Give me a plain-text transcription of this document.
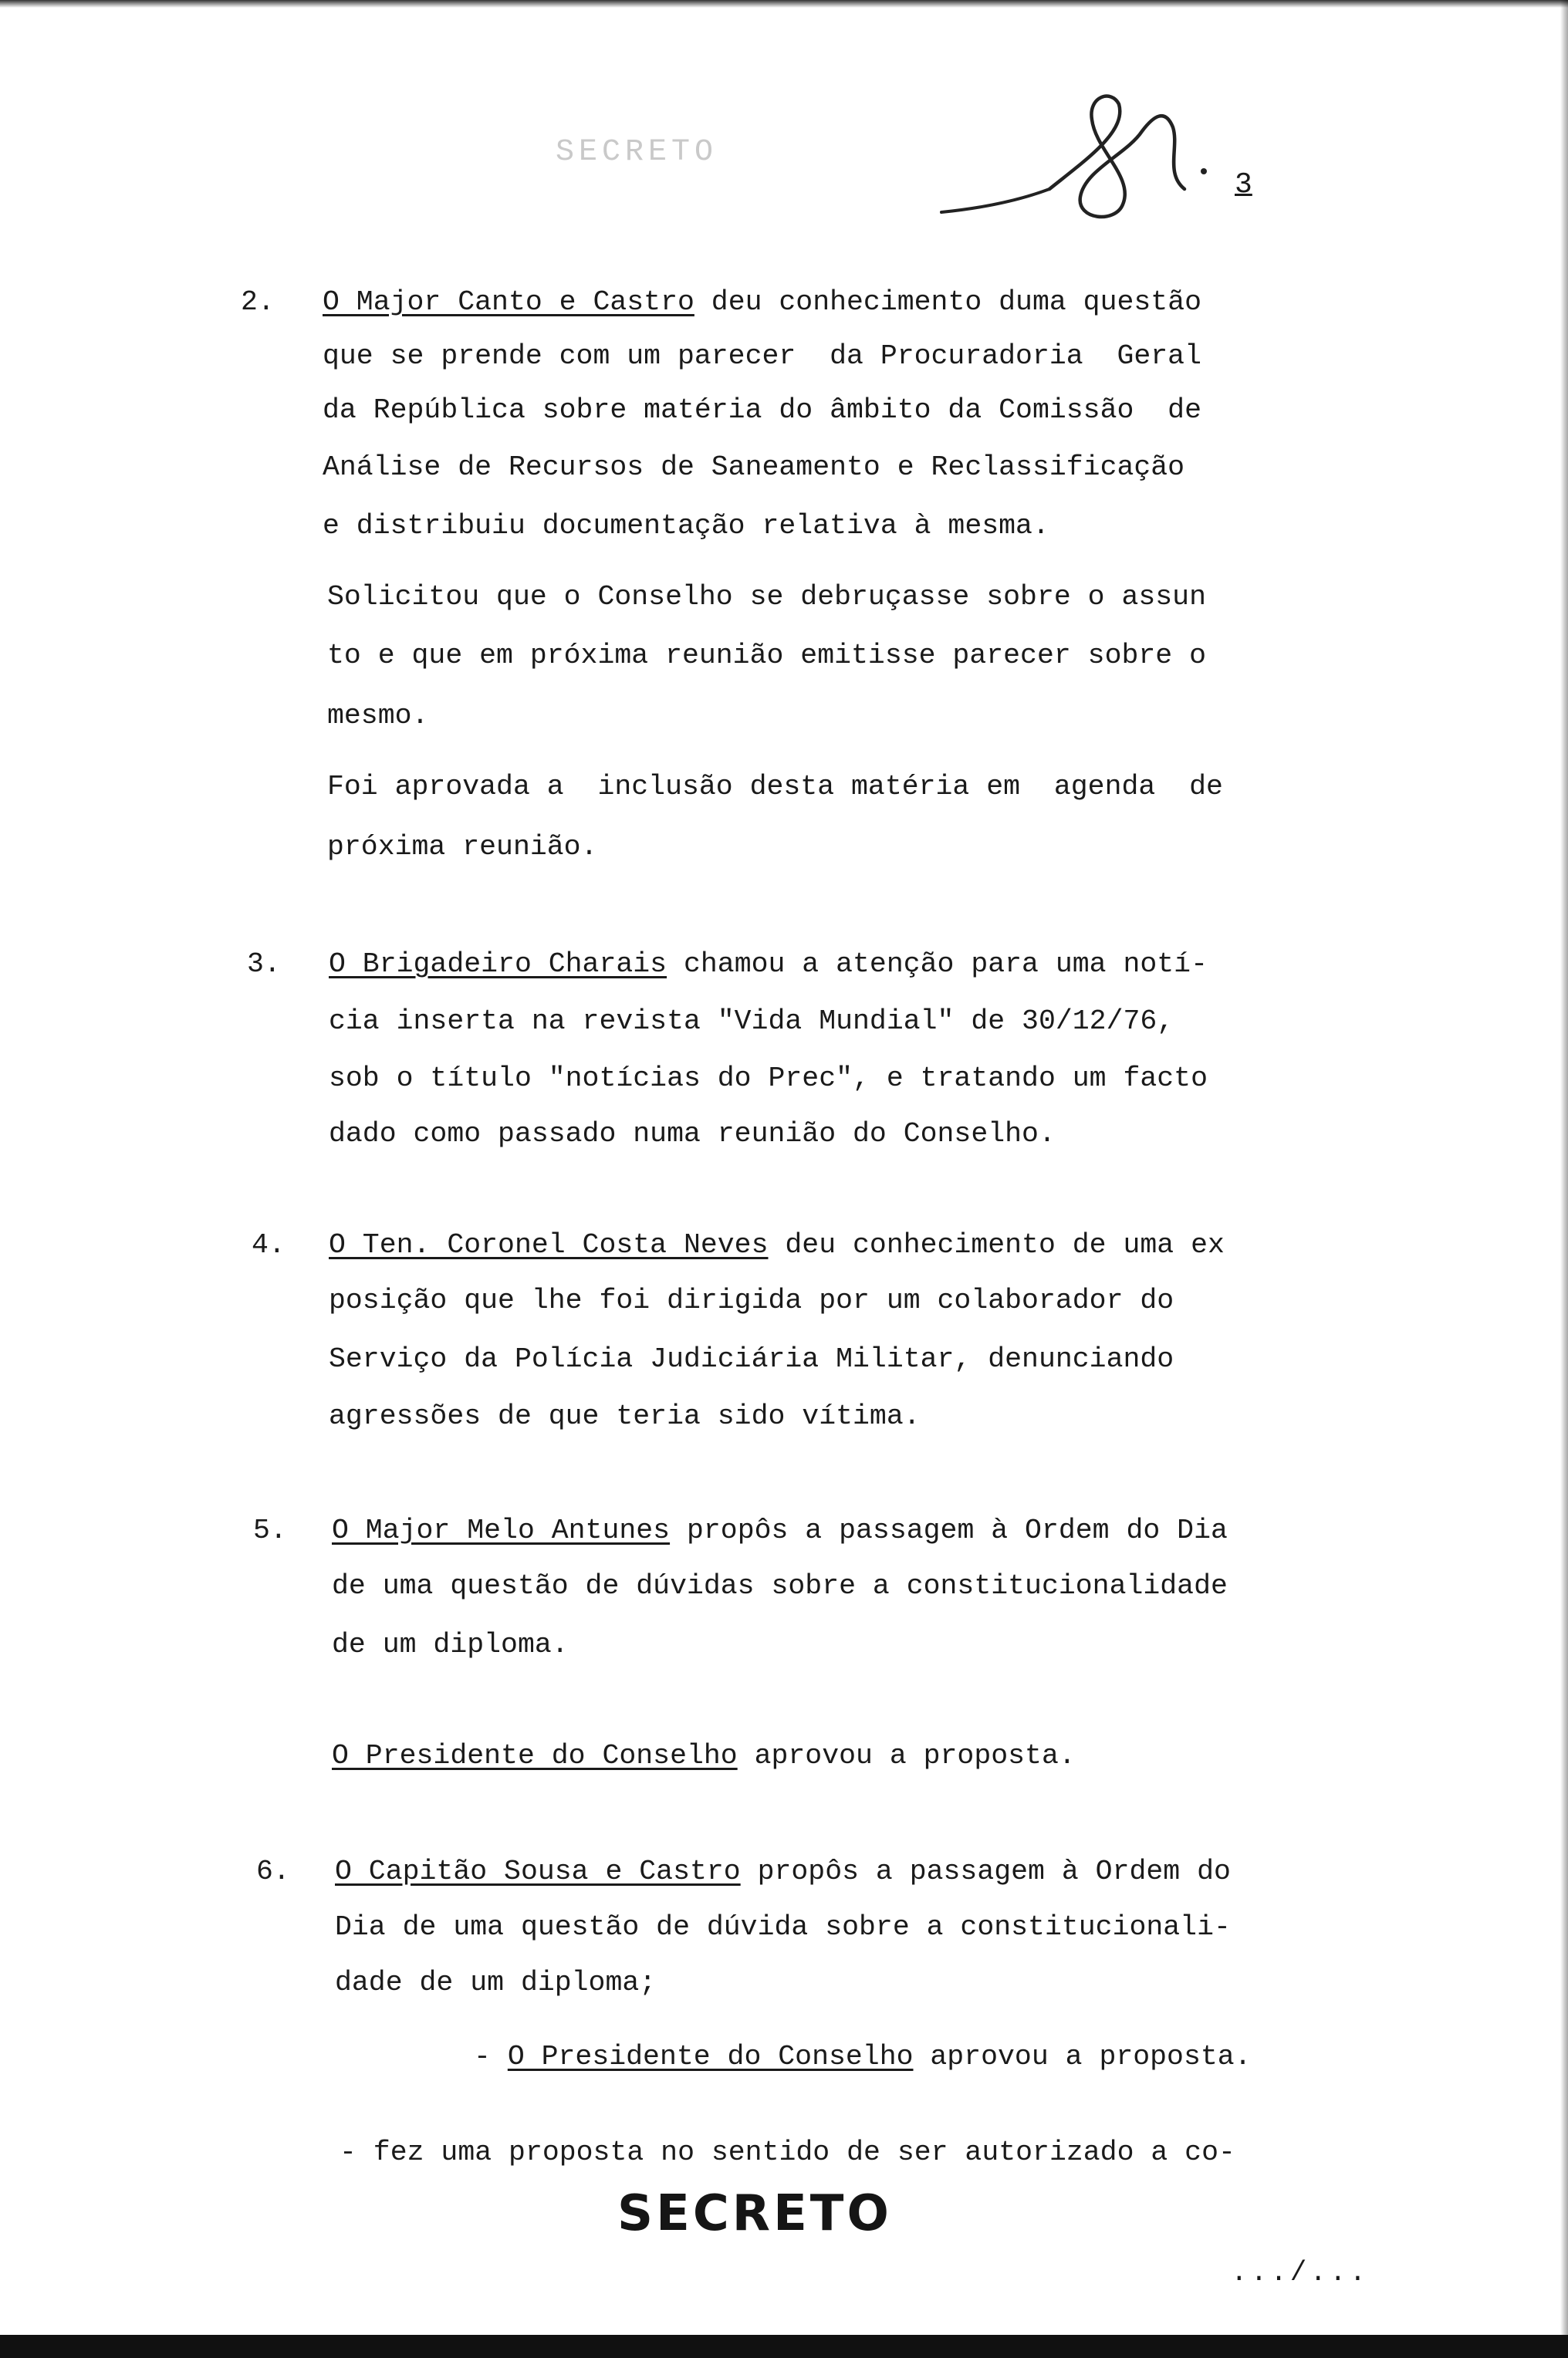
SECRETO
3
2. O Major Canto e Castro deu conhecimento duma questão
que se prende com um parecer  da Procuradoria  Geral
da República sobre matéria do âmbito da Comissão  de
Análise de Recursos de Saneamento e Reclassificação
e distribuiu documentação relativa à mesma.
Solicitou que o Conselho se debruçasse sobre o assun
to e que em próxima reunião emitisse parecer sobre o
mesmo.
Foi aprovada a  inclusão desta matéria em  agenda  de
próxima reunião.
3. O Brigadeiro Charais chamou a atenção para uma notí-
cia inserta na revista "Vida Mundial" de 30/12/76,
sob o título "notícias do Prec", e tratando um facto
dado como passado numa reunião do Conselho.
4. O Ten. Coronel Costa Neves deu conhecimento de uma ex
posição que lhe foi dirigida por um colaborador do
Serviço da Polícia Judiciária Militar, denunciando
agressões de que teria sido vítima.
5. O Major Melo Antunes propôs a passagem à Ordem do Dia
de uma questão de dúvidas sobre a constitucionalidade
de um diploma.
O Presidente do Conselho aprovou a proposta.
6. O Capitão Sousa e Castro propôs a passagem à Ordem do
Dia de uma questão de dúvida sobre a constitucionali-
dade de um diploma;
- O Presidente do Conselho aprovou a proposta.
- fez uma proposta no sentido de ser autorizado a co-
SECRETO
.../...
